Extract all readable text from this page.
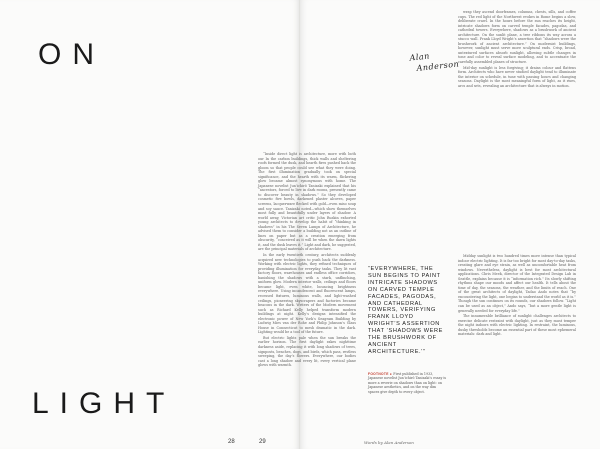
ON
LIGHT
28
Alan
Anderson

“Inside direct light is architecture, more with both our In the carbon buildings, thick walls and sheltering roofs formed the dusk, and hearth fires pushed back the gloom so that people could see what they were doing. The first illumination gradually took on special significance, and the hearth with its warm, flickering glow became almost synonymous with home. The Japanese novelist Jun’ichirō Tanizaki explained that his “ancestors, forced to live in dark rooms, presently came to discover beauty in shadows.” So they developed cosmetic five bowls, darkened plaster alcoves, paper screens, lacquerware flecked with gold—even miso soup and soy sauce. Tanizaki noted—which show themselves most fully and beautifully under layers of shadow. A world away, Victorian art critic John Ruskin exhorted young architects to develop the habit of “thinking in shadows” in his The Seven Lamps of Architecture, he advised them to consider a building not as an outline of lines on paper but as a creation emerging from obscurity, “conceived as it will be when the dawn lights it, and the dusk leaves it.” Light and dark, he suggested, are the principal materials of architecture.

In the early twentieth century, architects suddenly acquired new technologies to push back the darkness. Working with electric lights, they refined techniques of providing illumination for everyday tasks. They lit vast factory floors, warehouses and endless office corridors, banishing the shadows with a stark, unflinching, uniform glow. Modern interior walls, ceilings and floors became light, even white, bouncing brightness everywhere. Using incandescent and fluorescent lamps, recessed fixtures, luminous walls, and light-washed ceilings, pioneering skyscrapers and factories became beacons in the dark. Writers of the Modern movement such as Richard Kelly helped transform modern buildings at night. Kelly’s designs intensified the electronic power of New York’s Seagram Building by Ludwig Mies van der Rohe and Philip Johnson’s Glass House in Connecticut to mesh dramatic in the dark. Lighting would be a tool of the future.

But electric lights pale when the sun breaks the earlier horizon. The first daylight rakes nighttime darkness aside, replacing it with long shadows of trees, signposts, benches, dogs, and birds, which pass, restless sweeping, the day’s flowers. Everywhere, our bodies cast a long shadow and every lit, every vertical plane glows with warmth.

wrap they ascend doorframes, columns, chests, sills, and coffee cups. The red light of the Northwest evokes in Rome begins a slow, deliberate crawl. In the hours before the sun reaches its height, intricate shadows form on carved temple facades, pagodas, and cathedral towers. Everywhere, shadows as a brushwork of ancient architecture. On the sunlit plane, a tree ribbons its way across a stucco wall. Frank Lloyd Wright’s assertion that “shadows were the brushwork of ancient architecture.” On modernist buildings, however, sunlight must serve more sculptural ends. Crisp, broad, untextured surfaces absorb sunlight, allowing subtle changes in tone and color to reveal surface modeling, and to accentuate the carefully assembled planes of structure.

Mid-day sunlight is less forgiving; it drains colour and flattens form. Architects who have never studied daylight tend to illuminate the interior on schedule, in tune with passing hours and changing seasons. Daylight is the most meaningful form of light, as it rises, arcs and sets, revealing an architecture that is always in motion.

Midday sunlight is two hundred times more intense than typical indoor electric lighting. It is far too bright for most day-to-day tasks, creating glare and eye strain, as well as uncomfortable heat from windows. Nevertheless, daylight is best for most architectural applications. Chris Meek, director of the Integrated Design Lab in Seattle, explains because it is “information rich.” Its slowly shifting rhythms shape our moods and affect our health. It tells about the time of day, the seasons, the weather, and the limits of reach. One of the great architects of daylight, Tadao Ando notes that “by encountering the light, one begins to understand the world as it is.” Though the sun continues on its rounds, our shadows follow. “Light can be used as an object,” Ando says, “but a more gentle light is generally needed for everyday life.”

The innumerable brilliance of sunlight challenges architects to exercise delicate restraint with daylight, just as they must temper the night indoors with electric lighting. In restraint, the luminous, dusky thresholds become an essential part of these most ephemeral materials: dark and light.

“EVERYWHERE, THE SUN BEGINS TO PAINT INTRICATE SHADOWS ON CARVED TEMPLE FACADES, PAGODAS, AND CATHEDRAL TOWERS, VERIFYING FRANK LLOYD WRIGHT’S ASSERTION THAT ‘SHADOWS WERE THE BRUSHWORK OF ANCIENT ARCHITECTURE.’”
FOOTNOTE ● First published in 1933, Japanese novelist Jun’ichirō Tanizaki’s essay is more a reverie on shadows than on light: on Japanese aesthetics, and on the way dim spaces give depth to every object.
29	Words by Alan Anderson
